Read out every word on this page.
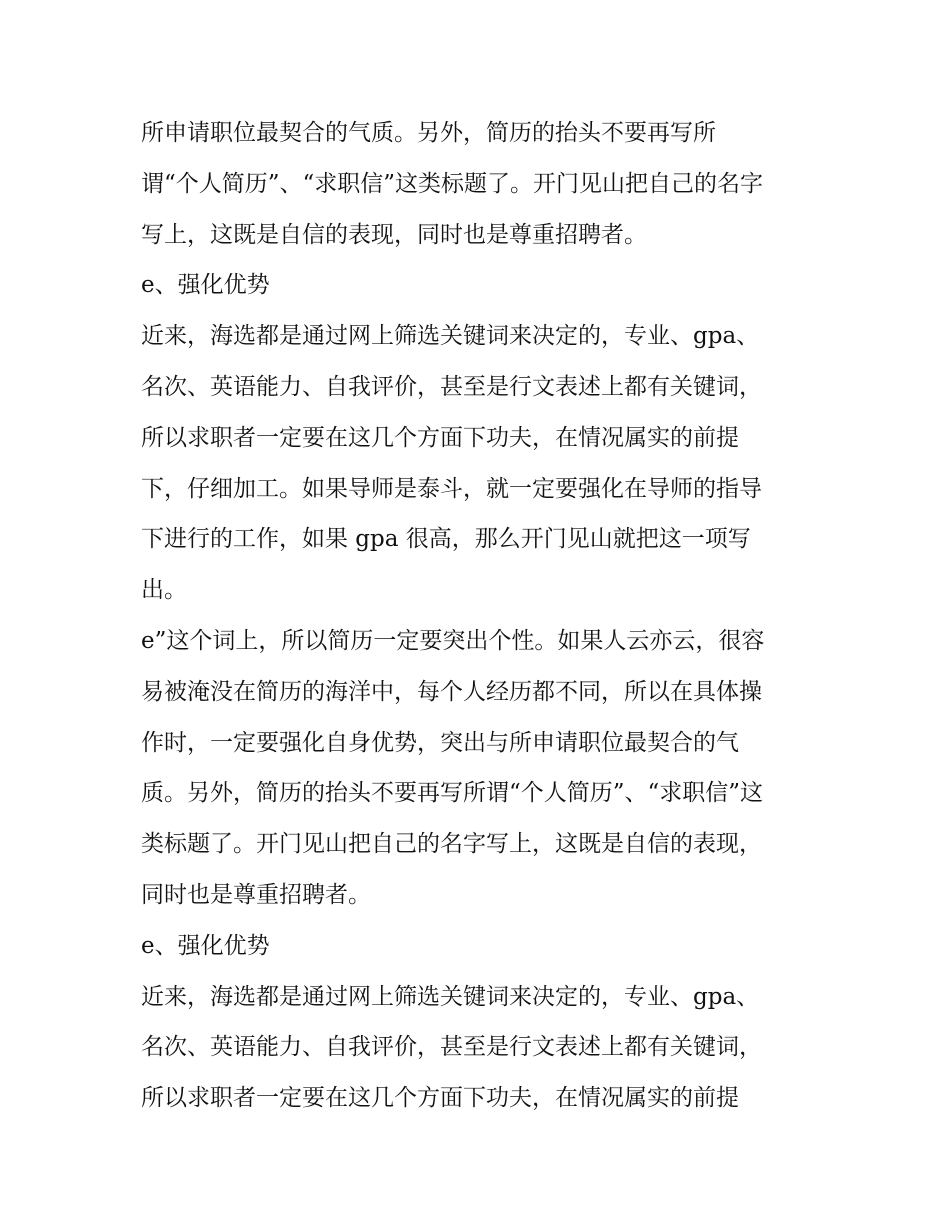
所申请职位最契合的气质。另外，简历的抬头不要再写所
谓“个人简历”、“求职信”这类标题了。开门见山把自己的名字
写上，这既是自信的表现，同时也是尊重招聘者。
e、强化优势
近来，海选都是通过网上筛选关键词来决定的，专业、gpa、
名次、英语能力、自我评价，甚至是行文表述上都有关键词，
所以求职者一定要在这几个方面下功夫，在情况属实的前提
下，仔细加工。如果导师是泰斗，就一定要强化在导师的指导
下进行的工作，如果 gpa 很高，那么开门见山就把这一项写
出。
e”这个词上，所以简历一定要突出个性。如果人云亦云，很容
易被淹没在简历的海洋中，每个人经历都不同，所以在具体操
作时，一定要强化自身优势，突出与所申请职位最契合的气
质。另外，简历的抬头不要再写所谓“个人简历”、“求职信”这
类标题了。开门见山把自己的名字写上，这既是自信的表现，
同时也是尊重招聘者。
e、强化优势
近来，海选都是通过网上筛选关键词来决定的，专业、gpa、
名次、英语能力、自我评价，甚至是行文表述上都有关键词，
所以求职者一定要在这几个方面下功夫，在情况属实的前提
